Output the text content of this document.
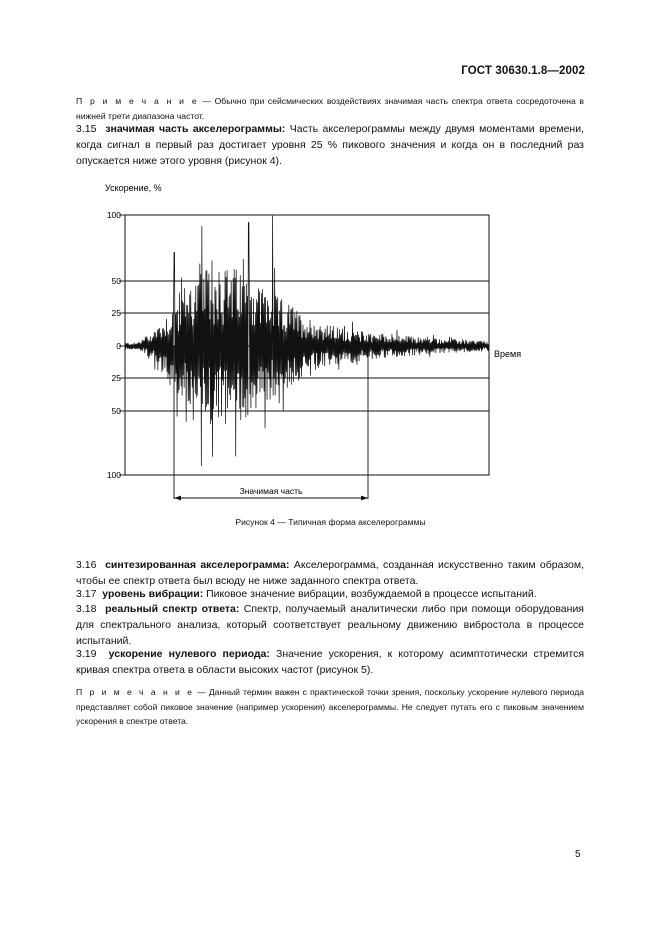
ГОСТ 30630.1.8—2002
П р и м е ч а н и е — Обычно при сейсмических воздействиях значимая часть спектра ответа сосредоточена в нижней трети диапазона частот.
3.15 значимая часть акселерограммы: Часть акселерограммы между двумя моментами времени, когда сигнал в первый раз достигает уровня 25 % пикового значения и когда он в последний раз опускается ниже этого уровня (рисунок 4).
Ускорение, %
100
50
25
0
25
50
100
Время
Значимая часть
Рисунок 4 — Типичная форма акселерограммы
3.16 синтезированная акселерограмма: Акселерограмма, созданная искусственно таким образом, чтобы ее спектр ответа был всюду не ниже заданного спектра ответа.
3.17 уровень вибрации: Пиковое значение вибрации, возбуждаемой в процессе испытаний.
3.18 реальный спектр ответа: Спектр, получаемый аналитически либо при помощи оборудования для спектрального анализа, который соответствует реальному движению вибростола в процессе испытаний.
3.19 ускорение нулевого периода: Значение ускорения, к которому асимптотически стремится кривая спектра ответа в области высоких частот (рисунок 5).
П р и м е ч а н и е — Данный термин важен с практической точки зрения, поскольку ускорение нулевого периода представляет собой пиковое значение (например ускорения) акселерограммы. Не следует путать его с пиковым значением ускорения в спектре ответа.
5
